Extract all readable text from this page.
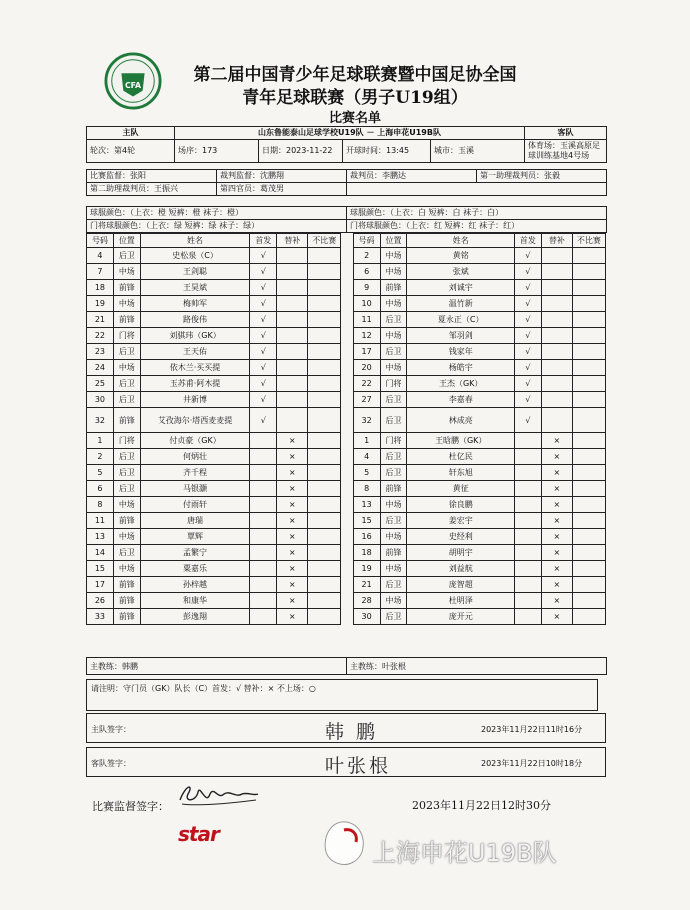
CFA
第二届中国青少年足球联赛暨中国足协全国
青年足球联赛（男子U19组）
比赛名单
主队	山东鲁能泰山足球学校U19队 － 上海申花U19B队				客队
轮次：第4轮	场序：173	日期：2023-11-22	开球时间：13:45	城市：玉溪	体育场：玉溪高原足球训练基地4号场
比赛监督：张阳	裁判监督：沈鹏翔	裁判员：李鹏达	第一助理裁判员：张毅
第二助理裁判员：王振兴	第四官员：葛茂男		
球服颜色：（上衣：橙 短裤：橙 袜子：橙）	球服颜色：（上衣：白 短裤：白 袜子：白）
门将球服颜色：（上衣：绿 短裤：绿 袜子：绿）	门将球服颜色：（上衣：红 短裤：红 袜子：红）
号码	位置	姓名	首发	替补	不比赛		号码	位置	姓名	首发	替补	不比赛
4	后卫	史松泉（C）	√				2	中场	黄铭	√		
7	中场	王剑聪	√				6	中场	张斌	√		
18	前锋	王昊斌	√				9	前锋	刘诚宇	√		
19	中场	梅帅军	√				10	中场	温竹新	√		
21	前锋	路俊伟	√				11	后卫	夏永正（C）	√		
22	门将	刘骐玮（GK）	√				12	中场	邹羽剑	√		
23	后卫	王天佑	√				17	后卫	钱家年	√		
24	中场	依木兰·买买提	√				20	中场	杨皓宇	√		
25	后卫	玉苏甫·阿木提	√				22	门将	王杰（GK）	√		
30	后卫	井新博	√				27	后卫	李嘉春	√		
32	前锋	艾孜海尔·塔西麦麦提	√				32	后卫	林成亮	√		
1	门将	付贞豪（GK）		×			1	门将	王晗鹏（GK）		×	
2	后卫	何炳壮		×			4	后卫	杜亿民		×	
5	后卫	齐千程		×			5	后卫	轩东旭		×	
6	后卫	马银灏		×			8	前锋	黄征		×	
8	中场	付雨轩		×			13	中场	徐良鹏		×	
11	前锋	唐瑞		×			15	后卫	姜宏宇		×	
13	中场	覃辉		×			16	中场	史经利		×	
14	后卫	孟繁宁		×			18	前锋	胡明宇		×	
15	中场	粟嘉乐		×			19	中场	刘益航		×	
17	前锋	孙梓越		×			21	后卫	庞智超		×	
26	前锋	和康华		×			28	中场	杜明泽		×	
33	前锋	彭逸翔		×			30	后卫	庞开元		×	
主教练：韩鹏	主教练：叶张根
请注明：守门员（GK）队长（C）首发：√ 替补：× 不上场：○
主队签字：	韩 鹏	2023年11月22日11时16分
客队签字：	叶张根	2023年11月22日10时18分
比赛监督签字：	2023年11月22日12时30分
star
上海申花U19B队
